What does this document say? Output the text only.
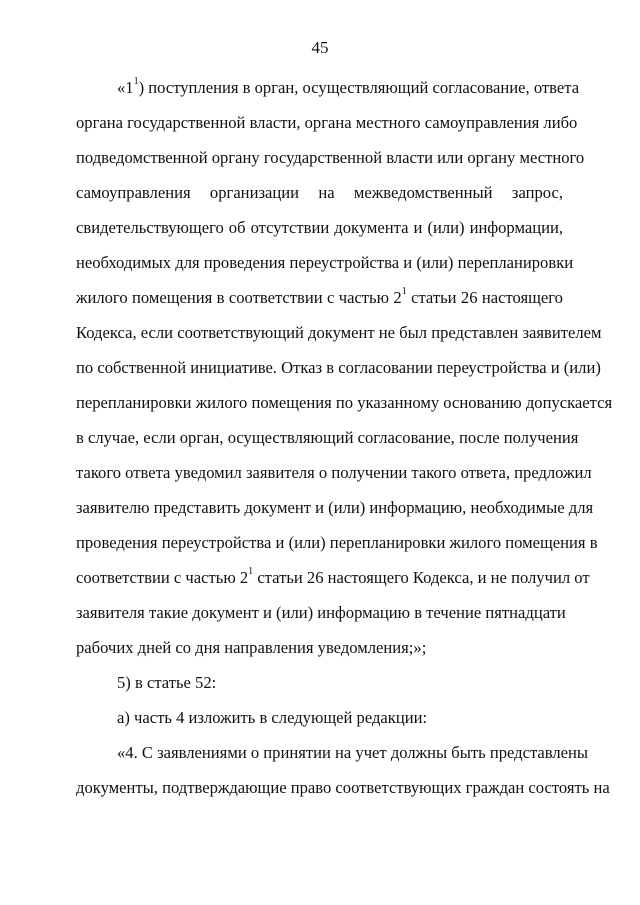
45
«$1^1$) поступления в орган, осуществляющий согласование, ответа
органа государственной власти, органа местного самоуправления либо
подведомственной органу государственной власти или органу местного
самоуправления организации на межведомственный запрос,
свидетельствующего об отсутствии документа и (или) информации,
необходимых для проведения переустройства и (или) перепланировки
жилого помещения в соответствии с частью $2^1$ статьи 26 настоящего
Кодекса, если соответствующий документ не был представлен заявителем
по собственной инициативе. Отказ в согласовании переустройства и (или)
перепланировки жилого помещения по указанному основанию допускается
в случае, если орган, осуществляющий согласование, после получения
такого ответа уведомил заявителя о получении такого ответа, предложил
заявителю представить документ и (или) информацию, необходимые для
проведения переустройства и (или) перепланировки жилого помещения в
соответствии с частью $2^1$ статьи 26 настоящего Кодекса, и не получил от
заявителя такие документ и (или) информацию в течение пятнадцати
рабочих дней со дня направления уведомления;»;
5) в статье 52:
а) часть 4 изложить в следующей редакции:
«4. С заявлениями о принятии на учет должны быть представлены
документы, подтверждающие право соответствующих граждан состоять на
